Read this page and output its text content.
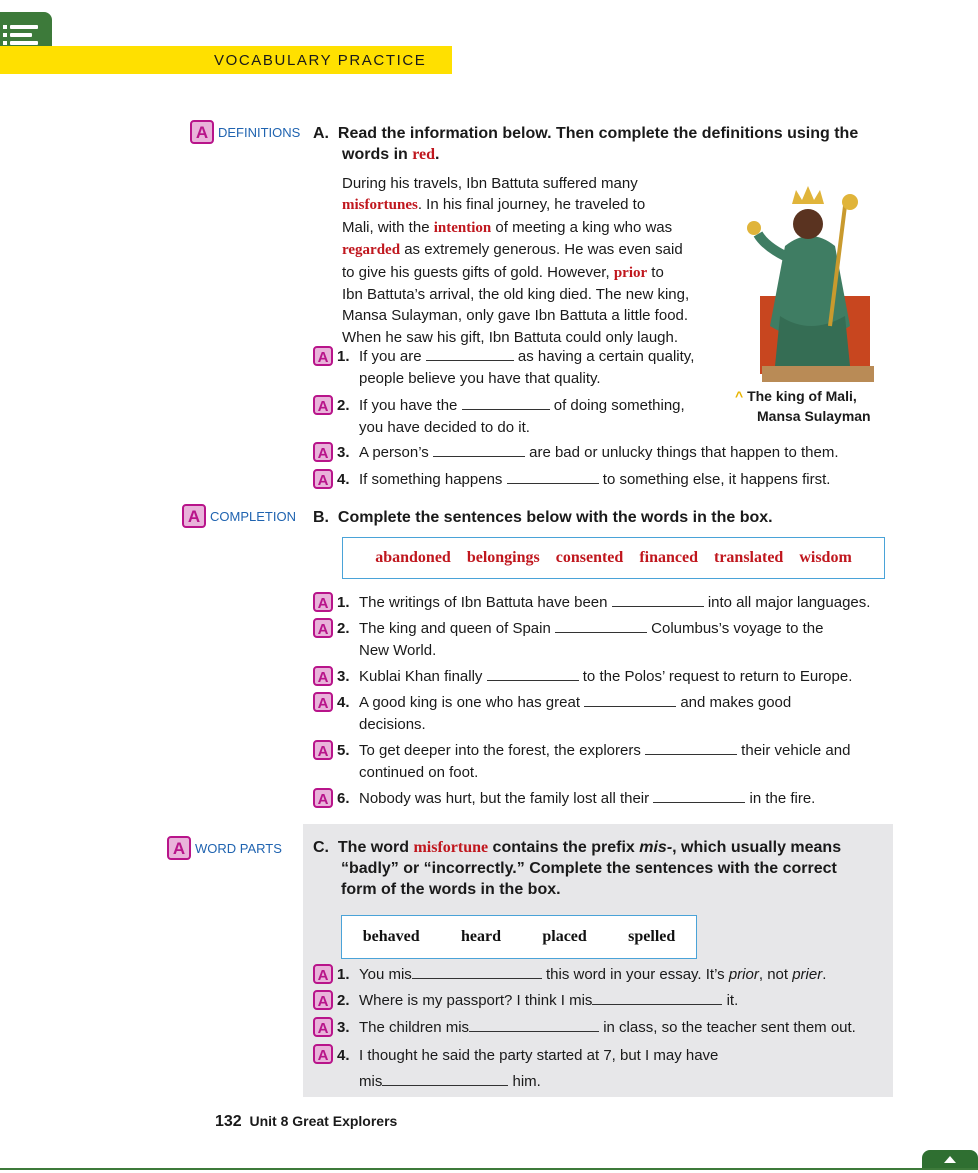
VOCABULARY PRACTICE
A DEFINITIONS A. Read the information below. Then complete the definitions using the
words in red.
During his travels, Ibn Battuta suffered many
misfortunes. In his final journey, he traveled to
Mali, with the intention of meeting a king who was
regarded as extremely generous. He was even said
to give his guests gifts of gold. However, prior to
Ibn Battuta’s arrival, the old king died. The new king,
Mansa Sulayman, only gave Ibn Battuta a little food.
When he saw his gift, Ibn Battuta could only laugh.
^ The king of Mali,
Mansa Sulayman
A 1. If you are	as having a certain quality,
people believe you have that quality.
A 2. If you have the	of doing something,
you have decided to do it.
A 3. A person’s	are bad or unlucky things that happen to them.
A 4. If something happens	to something else, it happens first.
A COMPLETION B. Complete the sentences below with the words in the box.
abandoned belongings consented financed translated wisdom
A 1. The writings of Ibn Battuta have been	into all major languages.
A 2. The king and queen of Spain	Columbus’s voyage to the
New World.
A 3. Kublai Khan finally	to the Polos’ request to return to Europe.
A 4. A good king is one who has great	and makes good
decisions.
A 5. To get deeper into the forest, the explorers	their vehicle and
continued on foot.
A 6. Nobody was hurt, but the family lost all their	in the fire.
A WORD PARTS C. The word misfortune contains the prefix mis-, which usually means
“badly” or “incorrectly.” Complete the sentences with the correct
form of the words in the box.
behaved	heard	placed	spelled
A 1. You mis	this word in your essay. It’s prior, not prier.
A 2. Where is my passport? I think I mis	it.
A 3. The children mis	in class, so the teacher sent them out.
A 4. I thought he said the party started at 7, but I may have
mis	him.
132 Unit 8 Great Explorers
